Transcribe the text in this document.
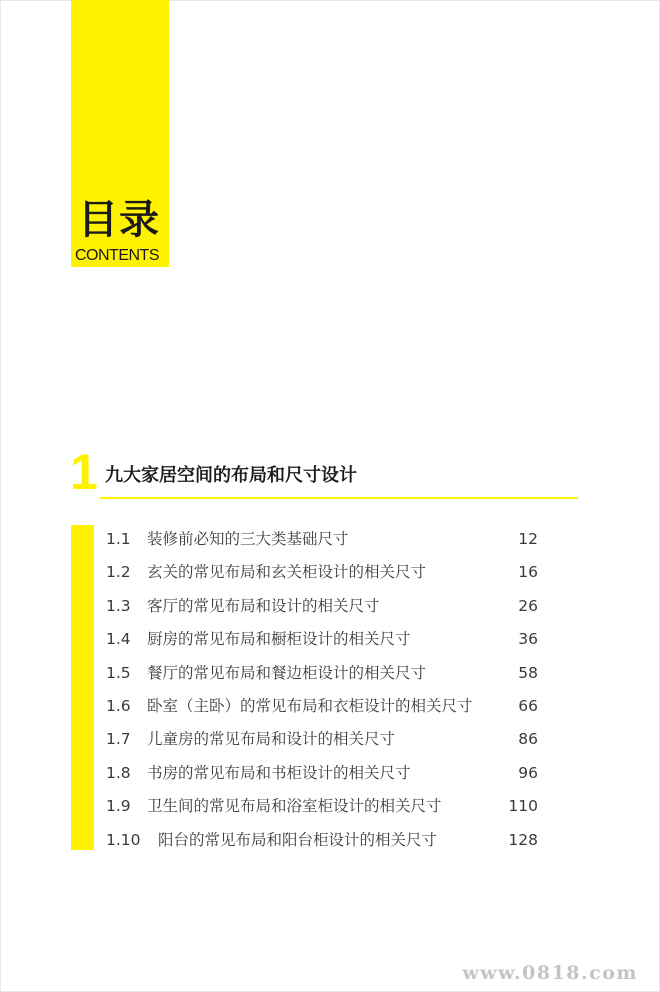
目录
CONTENTS
1 九大家居空间的布局和尺寸设计
1.1 装修前必知的三大类基础尺寸	12
1.2 玄关的常见布局和玄关柜设计的相关尺寸	16
1.3 客厅的常见布局和设计的相关尺寸	26
1.4 厨房的常见布局和橱柜设计的相关尺寸	36
1.5 餐厅的常见布局和餐边柜设计的相关尺寸	58
1.6 卧室（主卧）的常见布局和衣柜设计的相关尺寸	66
1.7 儿童房的常见布局和设计的相关尺寸	86
1.8 书房的常见布局和书柜设计的相关尺寸	96
1.9 卫生间的常见布局和浴室柜设计的相关尺寸	110
1.10 阳台的常见布局和阳台柜设计的相关尺寸	128
www.0818.com
